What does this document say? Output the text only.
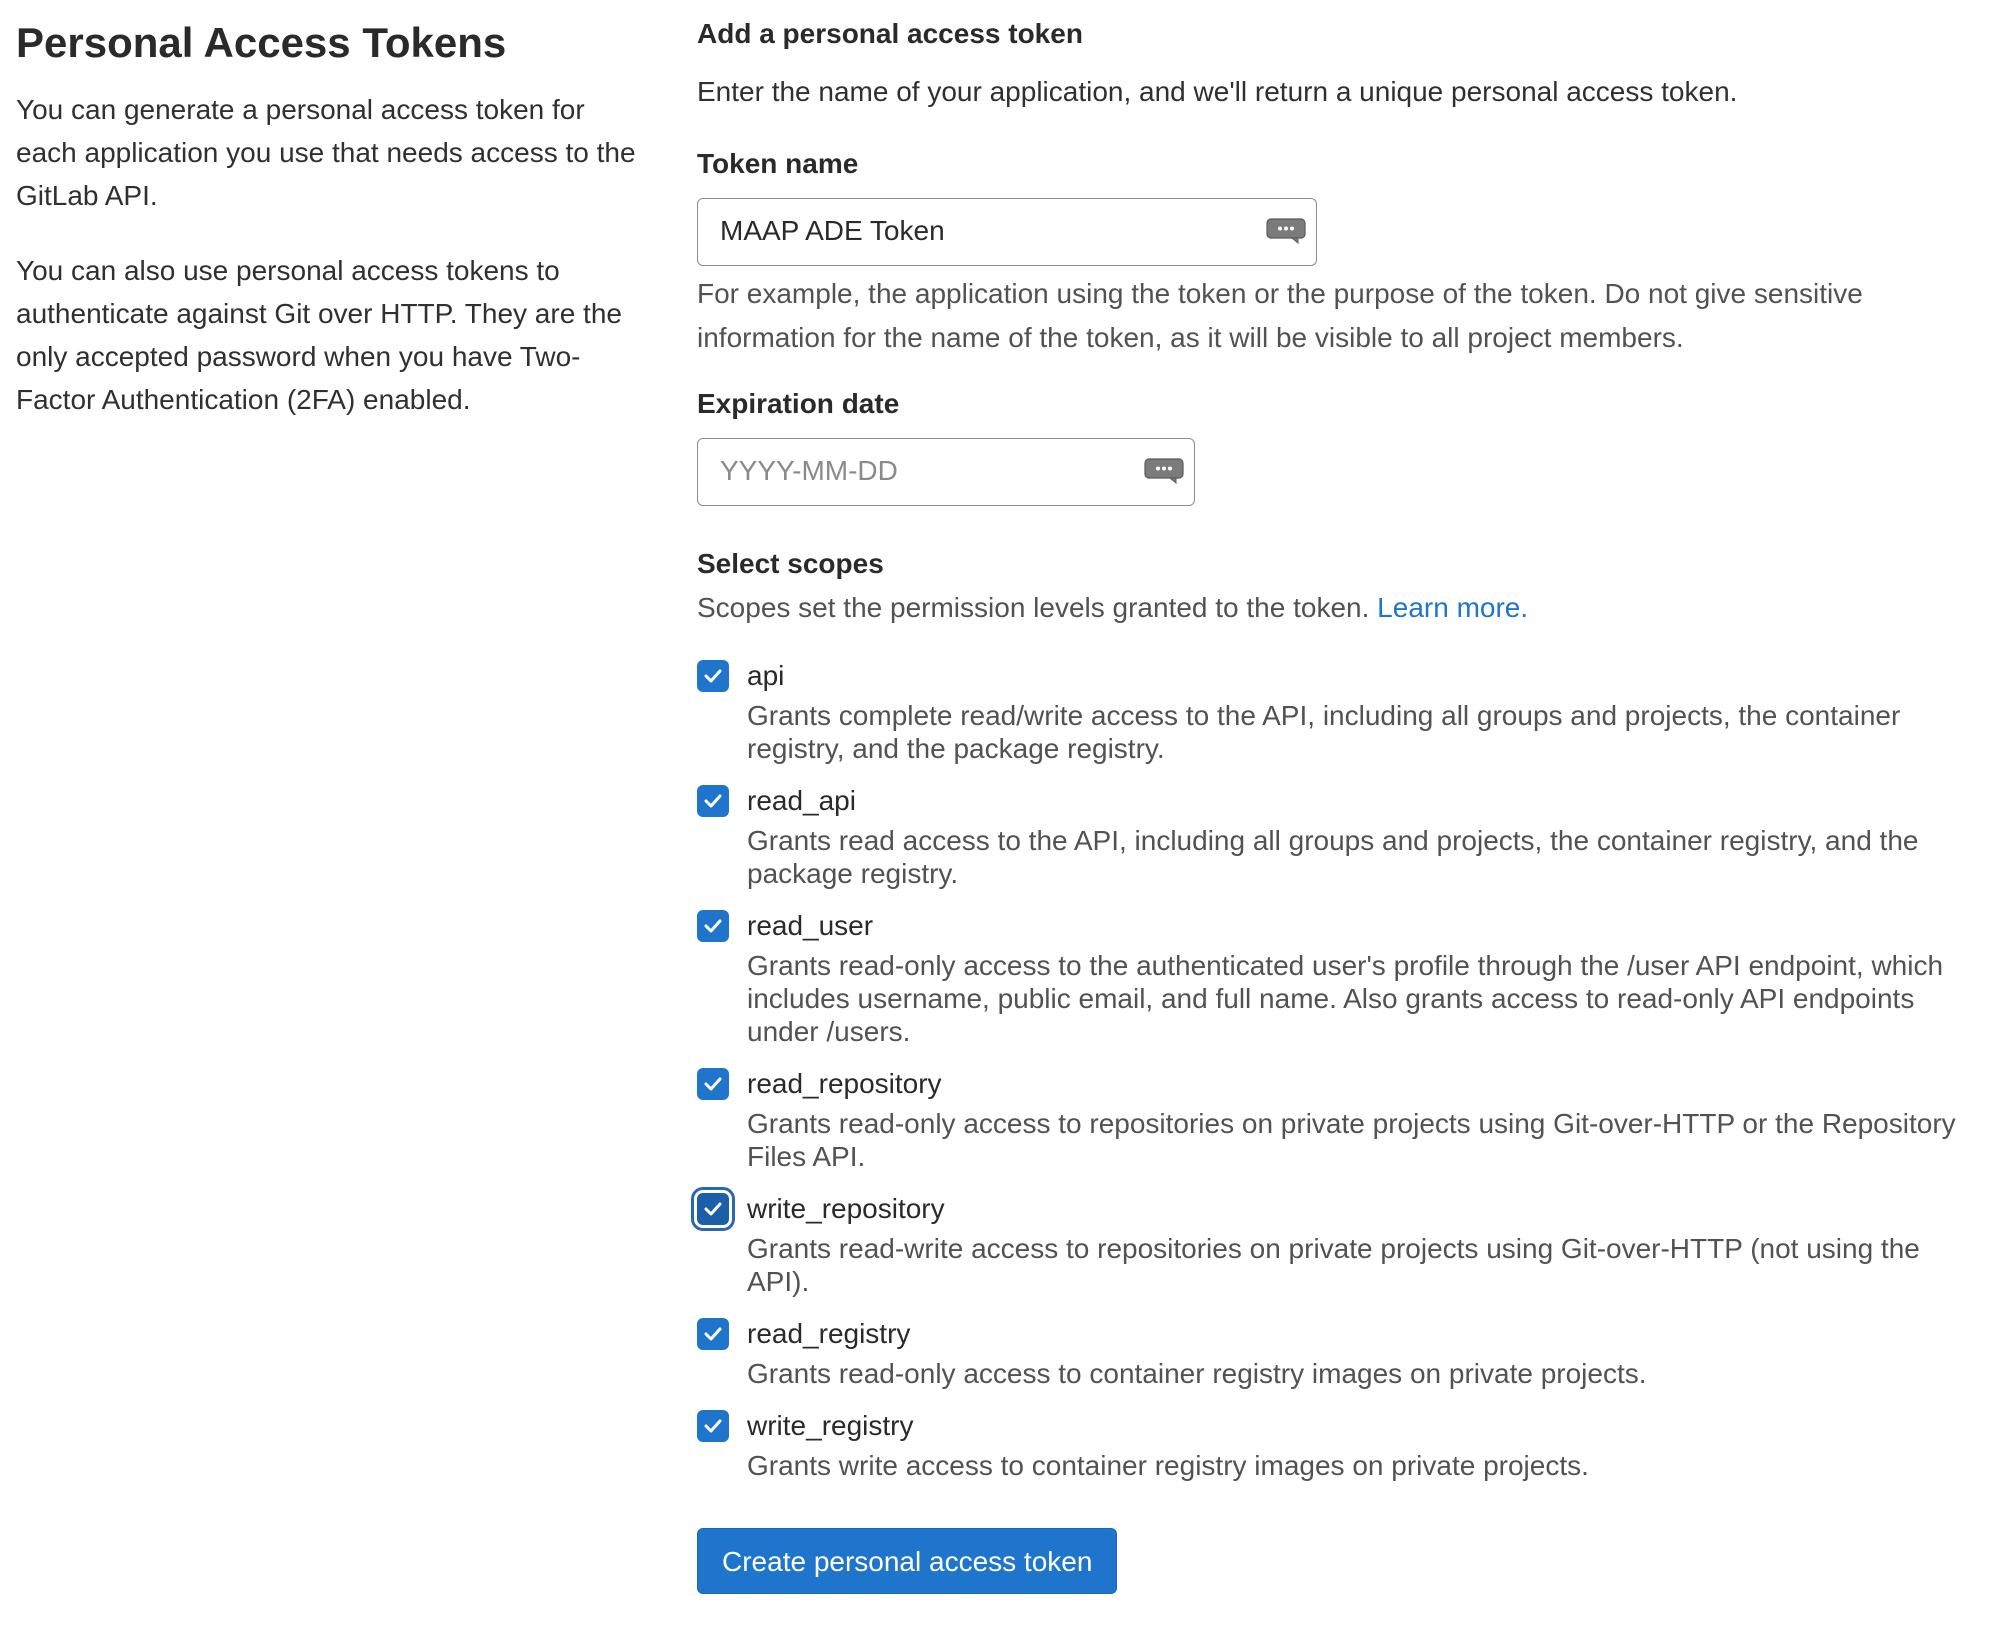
Personal Access Tokens

You can generate a personal access token for each application you use that needs access to the GitLab API.

You can also use personal access tokens to authenticate against Git over HTTP. They are the only accepted password when you have Two-Factor Authentication (2FA) enabled.

Add a personal access token
Enter the name of your application, and we'll return a unique personal access token.
Token name
MAAP ADE Token
For example, the application using the token or the purpose of the token. Do not give sensitive information for the name of the token, as it will be visible to all project members.
Expiration date
YYYY-MM-DD
Select scopes
Scopes set the permission levels granted to the token. Learn more.
api
Grants complete read/write access to the API, including all groups and projects, the container registry, and the package registry.
read_api
Grants read access to the API, including all groups and projects, the container registry, and the package registry.
read_user
Grants read-only access to the authenticated user's profile through the /user API endpoint, which includes username, public email, and full name. Also grants access to read-only API endpoints under /users.
read_repository
Grants read-only access to repositories on private projects using Git-over-HTTP or the Repository Files API.
write_repository
Grants read-write access to repositories on private projects using Git-over-HTTP (not using the API).
read_registry
Grants read-only access to container registry images on private projects.
write_registry
Grants write access to container registry images on private projects.
Create personal access token
